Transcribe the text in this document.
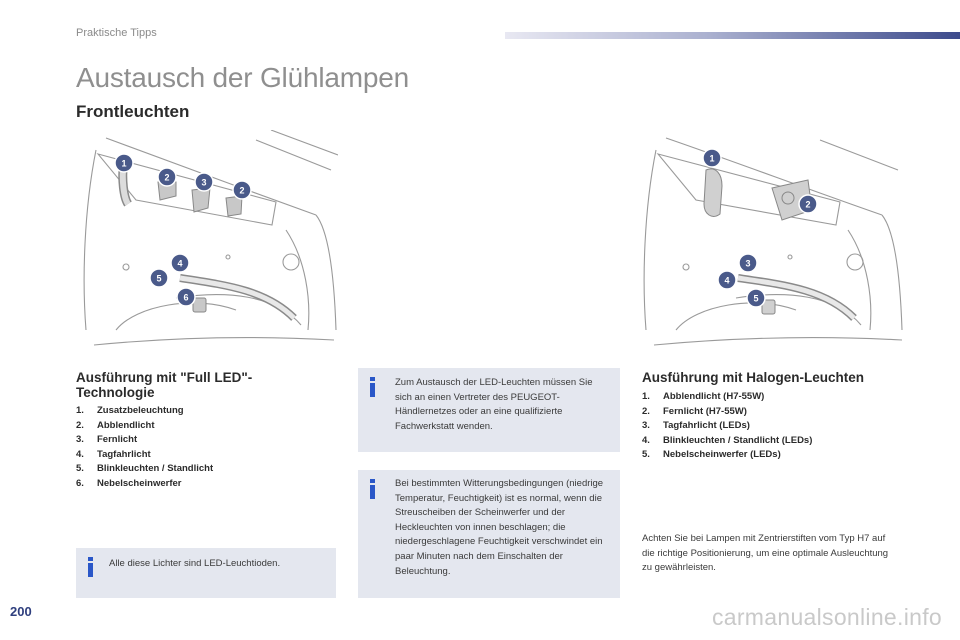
Praktische Tipps
Austausch der Glühlampen
Frontleuchten
1
2	3
2
4
5
6
1
2
3
4
5
Ausführung mit "Full LED"-Technologie
1. Zusatzbeleuchtung
2. Abblendlicht
3. Fernlicht
4. Tagfahrlicht
5. Blinkleuchten / Standlicht
6. Nebelscheinwerfer

Alle diese Lichter sind LED-Leuchtioden.

Zum Austausch der LED-Leuchten müssen Sie sich an einen Vertreter des PEUGEOT-Händlernetzes oder an eine qualifizierte Fachwerkstatt wenden.

Bei bestimmten Witterungsbedingungen (niedrige Temperatur, Feuchtigkeit) ist es normal, wenn die Streuscheiben der Scheinwerfer und der Heckleuchten von innen beschlagen; die niedergeschlagene Feuchtigkeit verschwindet ein paar Minuten nach dem Einschalten der Beleuchtung.

Ausführung mit Halogen-Leuchten
1. Abblendlicht (H7-55W)
2. Fernlicht (H7-55W)
3. Tagfahrlicht (LEDs)
4. Blinkleuchten / Standlicht (LEDs)
5. Nebelscheinwerfer (LEDs)

Achten Sie bei Lampen mit Zentrierstiften vom Typ H7 auf die richtige Positionierung, um eine optimale Ausleuchtung zu gewährleisten.

200	carmanualsonline.info
